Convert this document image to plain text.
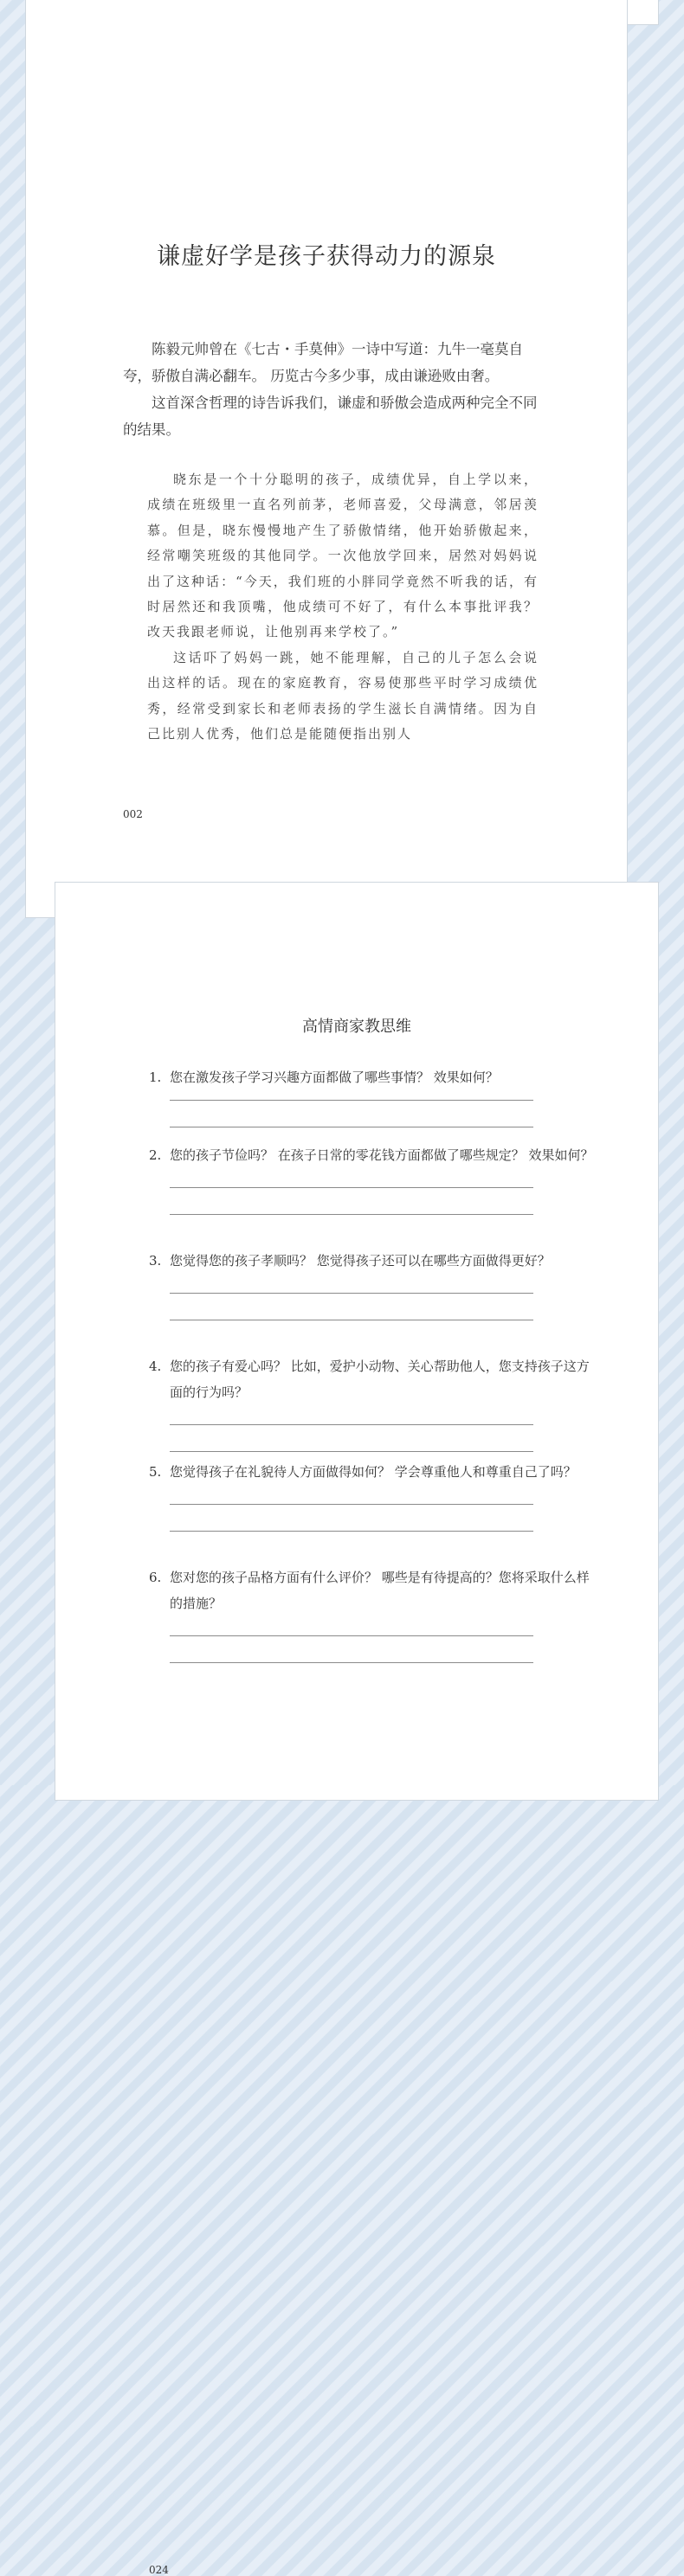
谦虚好学是孩子获得动力的源泉

陈毅元帅曾在《七古・手莫伸》一诗中写道：九牛一毫莫自夸，骄傲自满必翻车。 历览古今多少事，成由谦逊败由奢。

这首深含哲理的诗告诉我们，谦虚和骄傲会造成两种完全不同的结果。

晓东是一个十分聪明的孩子，成绩优异，自上学以来，成绩在班级里一直名列前茅，老师喜爱，父母满意，邻居羡慕。但是，晓东慢慢地产生了骄傲情绪，他开始骄傲起来，经常嘲笑班级的其他同学。一次他放学回来，居然对妈妈说出了这种话：“今天，我们班的小胖同学竟然不听我的话，有时居然还和我顶嘴，他成绩可不好了，有什么本事批评我？改天我跟老师说，让他别再来学校了。”

这话吓了妈妈一跳，她不能理解，自己的儿子怎么会说出这样的话。现在的家庭教育，容易使那些平时学习成绩优秀，经常受到家长和老师表扬的学生滋长自满情绪。因为自己比别人优秀，他们总是能随便指出别人

002
高情商家教思维
1. 您在激发孩子学习兴趣方面都做了哪些事情？ 效果如何？
2. 您的孩子节俭吗？ 在孩子日常的零花钱方面都做了哪些规定？ 效果如何？
3. 您觉得您的孩子孝顺吗？ 您觉得孩子还可以在哪些方面做得更好？
4. 您的孩子有爱心吗？ 比如，爱护小动物、关心帮助他人，您支持孩子这方面的行为吗？
5. 您觉得孩子在礼貌待人方面做得如何？ 学会尊重他人和尊重自己了吗？
6. 您对您的孩子品格方面有什么评价？ 哪些是有待提高的？您将采取什么样的措施？
024
